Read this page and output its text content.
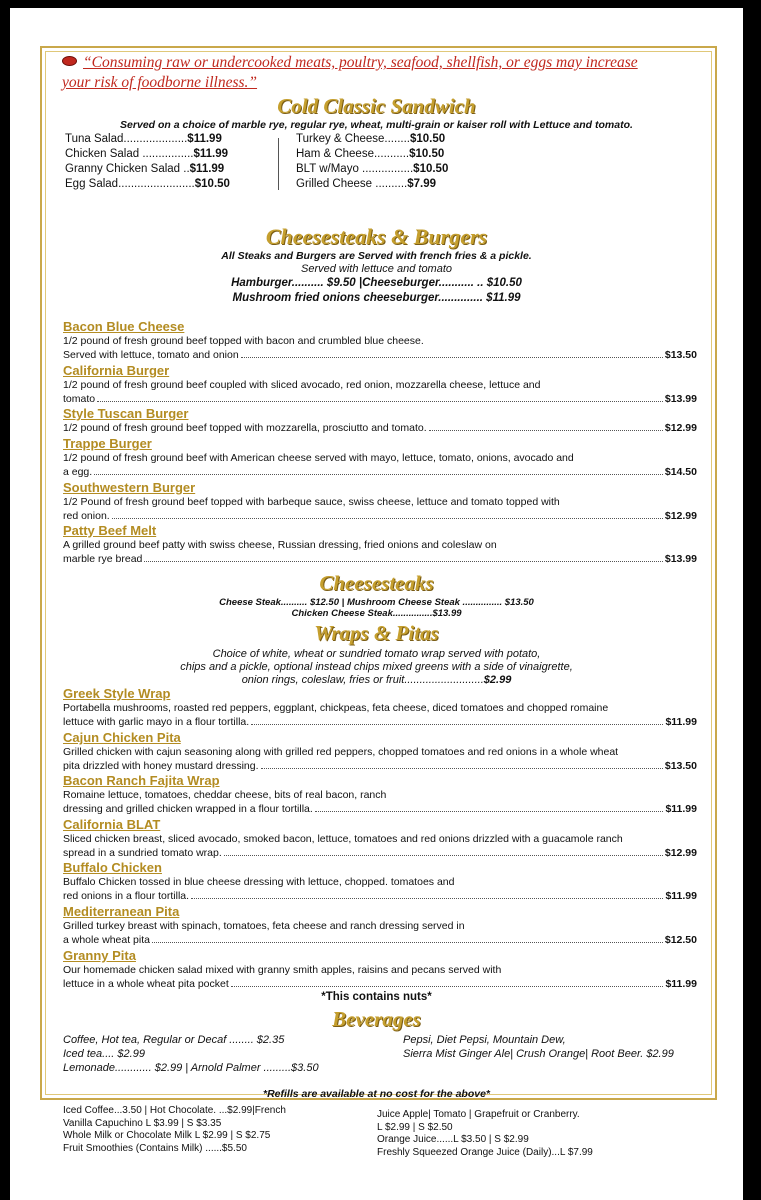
“Consuming raw or undercooked meats, poultry, seafood, shellfish, or eggs may increase
your risk of foodborne illness.”
Cold Classic Sandwich
Served on a choice of marble rye, regular rye, wheat, multi-grain or kaiser roll with Lettuce and tomato.
Tuna Salad....................$11.99
Chicken Salad ................$11.99
Granny Chicken Salad ..$11.99
Egg Salad........................$10.50
Turkey & Cheese........$10.50
Ham & Cheese...........$10.50
BLT w/Mayo ................$10.50
Grilled Cheese ..........$7.99
Cheesesteaks & Burgers
All Steaks and Burgers are Served with french fries & a pickle.
Served with lettuce and tomato
Hamburger.......... $9.50 |Cheeseburger........... .. $10.50
Mushroom fried onions cheeseburger.............. $11.99
Bacon Blue Cheese
1/2 pound of fresh ground beef topped with bacon and crumbled blue cheese.
Served with lettuce, tomato and onion	$13.50
California Burger
1/2 pound of fresh ground beef coupled with sliced avocado, red onion, mozzarella cheese, lettuce and
tomato	$13.99
Style Tuscan Burger
1/2 pound of fresh ground beef topped with mozzarella, prosciutto and tomato.	$12.99
Trappe Burger
1/2 pound of fresh ground beef with American cheese served with mayo, lettuce, tomato, onions, avocado and
a egg.	$14.50
Southwestern Burger
1/2 Pound of fresh ground beef topped with barbeque sauce, swiss cheese, lettuce and tomato topped with
red onion.	$12.99
Patty Beef Melt
A grilled ground beef patty with swiss cheese, Russian dressing, fried onions and coleslaw on
marble rye bread	$13.99
Cheesesteaks
Cheese Steak.......... $12.50 | Mushroom Cheese Steak ............... $13.50
Chicken Cheese Steak...............$13.99
Wraps & Pitas
Choice of white, wheat or sundried tomato wrap served with potato,
chips and a pickle, optional instead chips mixed greens with a side of vinaigrette,
onion rings, coleslaw, fries or fruit..........................$2.99
Greek Style Wrap
Portabella mushrooms, roasted red peppers, eggplant, chickpeas, feta cheese, diced tomatoes and chopped romaine
lettuce with garlic mayo in a flour tortilla.	$11.99
Cajun Chicken Pita
Grilled chicken with cajun seasoning along with grilled red peppers, chopped tomatoes and red onions in a whole wheat
pita drizzled with honey mustard dressing.	$13.50
Bacon Ranch Fajita Wrap
Romaine lettuce, tomatoes, cheddar cheese, bits of real bacon, ranch
dressing and grilled chicken wrapped in a flour tortilla.	$11.99
California BLAT
Sliced chicken breast, sliced avocado, smoked bacon, lettuce, tomatoes and red onions drizzled with a guacamole ranch
spread in a sundried tomato wrap.	$12.99
Buffalo Chicken
Buffalo Chicken tossed in blue cheese dressing with lettuce, chopped. tomatoes and
red onions in a flour tortilla.	$11.99
Mediterranean Pita
Grilled turkey breast with spinach, tomatoes, feta cheese and ranch dressing served in
a whole wheat pita	$12.50
Granny Pita
Our homemade chicken salad mixed with granny smith apples, raisins and pecans served with
lettuce in a whole wheat pita pocket	$11.99
*This contains nuts*
Beverages
Coffee, Hot tea, Regular or Decaf ........ $2.35
Iced tea.... $2.99
Lemonade............ $2.99 | Arnold Palmer .........$3.50
Pepsi, Diet Pepsi, Mountain Dew,
Sierra Mist Ginger Ale| Crush Orange| Root Beer. $2.99
*Refills are available at no cost for the above*
Iced Coffee...3.50 | Hot Chocolate. ...$2.99|French
Vanilla Capuchino L $3.99 | S $3.35
Whole Milk or Chocolate Milk L $2.99 | S $2.75
Fruit Smoothies (Contains Milk) ......$5.50
Juice Apple| Tomato | Grapefruit or Cranberry.
L $2.99 | S $2.50
Orange Juice......L $3.50 | S $2.99
Freshly Squeezed Orange Juice (Daily)...L $7.99
